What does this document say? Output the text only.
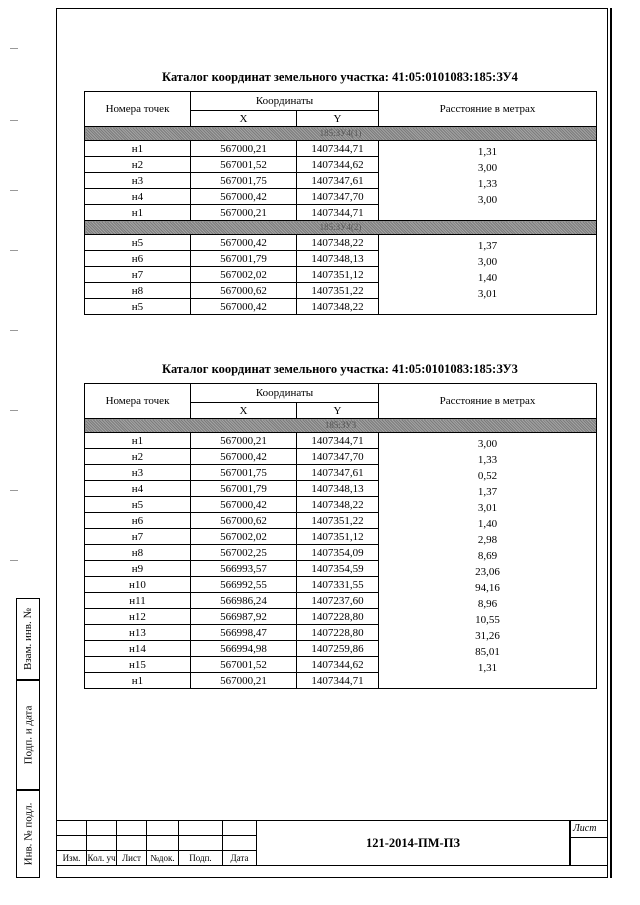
Каталог координат земельного участка: 41:05:0101083:185:ЗУ4
Номера точек	Координаты		Расстояние в метрах
	X	Y	
185:ЗУ4(1)			
н1	567000,21	1407344,71	1,31
н2	567001,52	1407344,62	3,00
н3	567001,75	1407347,61	1,33
н4	567000,42	1407347,70	3,00
н1	567000,21	1407344,71	
185:ЗУ4(2)			
н5	567000,42	1407348,22	1,37
н6	567001,79	1407348,13	3,00
н7	567002,02	1407351,12	1,40
н8	567000,62	1407351,22	3,01
н5	567000,42	1407348,22	
Каталог координат земельного участка: 41:05:0101083:185:ЗУ3
Номера точек	Координаты		Расстояние в метрах
	X	Y	
185:ЗУ3			
н1	567000,21	1407344,71	3,00
н2	567000,42	1407347,70	1,33
н3	567001,75	1407347,61	0,52
н4	567001,79	1407348,13	1,37
н5	567000,42	1407348,22	3,01
н6	567000,62	1407351,22	1,40
н7	567002,02	1407351,12	2,98
н8	567002,25	1407354,09	8,69
н9	566993,57	1407354,59	23,06
н10	566992,55	1407331,55	94,16
н11	566986,24	1407237,60	8,96
н12	566987,92	1407228,80	10,55
н13	566998,47	1407228,80	31,26
н14	566994,98	1407259,86	85,01
н15	567001,52	1407344,62	1,31
н1	567000,21	1407344,71	
Взам. инв. №
Подп. и дата
Инв. № подл.

						Изм.	Кол. уч	Лист	№док.	Подп.	Дата
121-2014-ПМ-ПЗ
Лист
